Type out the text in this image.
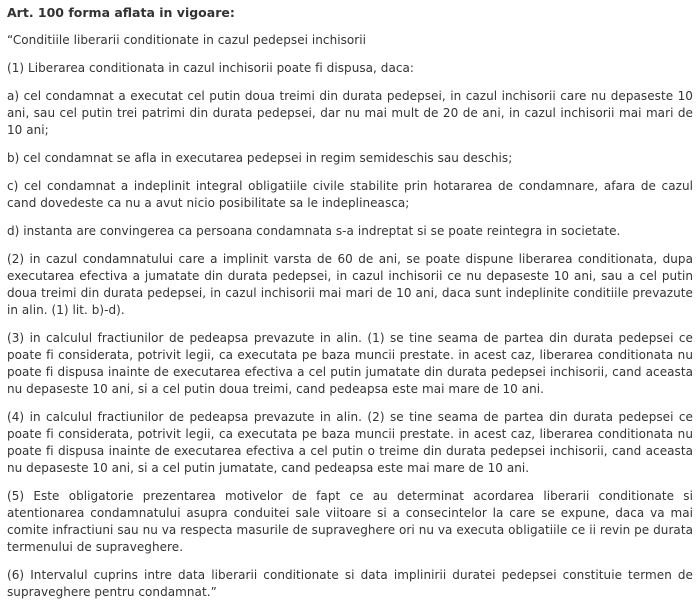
Art. 100 forma aflata in vigoare:

“Conditiile liberarii conditionate in cazul pedepsei inchisorii

(1) Liberarea conditionata in cazul inchisorii poate fi dispusa, daca:

a) cel condamnat a executat cel putin doua treimi din durata pedepsei, in cazul inchisorii care nu depaseste 10 ani, sau cel putin trei patrimi din durata pedepsei, dar nu mai mult de 20 de ani, in cazul inchisorii mai mari de 10 ani;

b) cel condamnat se afla in executarea pedepsei in regim semideschis sau deschis;

c) cel condamnat a indeplinit integral obligatiile civile stabilite prin hotararea de condamnare, afara de cazul cand dovedeste ca nu a avut nicio posibilitate sa le indeplineasca;

d) instanta are convingerea ca persoana condamnata s-a indreptat si se poate reintegra in societate.

(2) in cazul condamnatului care a implinit varsta de 60 de ani, se poate dispune liberarea conditionata, dupa executarea efectiva a jumatate din durata pedepsei, in cazul inchisorii ce nu depaseste 10 ani, sau a cel putin doua treimi din durata pedepsei, in cazul inchisorii mai mari de 10 ani, daca sunt indeplinite conditiile prevazute in alin. (1) lit. b)-d).

(3) in calculul fractiunilor de pedeapsa prevazute in alin. (1) se tine seama de partea din durata pedepsei ce poate fi considerata, potrivit legii, ca executata pe baza muncii prestate. in acest caz, liberarea conditionata nu poate fi dispusa inainte de executarea efectiva a cel putin jumatate din durata pedepsei inchisorii, cand aceasta nu depaseste 10 ani, si a cel putin doua treimi, cand pedeapsa este mai mare de 10 ani.

(4) in calculul fractiunilor de pedeapsa prevazute in alin. (2) se tine seama de partea din durata pedepsei ce poate fi considerata, potrivit legii, ca executata pe baza muncii prestate. in acest caz, liberarea conditionata nu poate fi dispusa inainte de executarea efectiva a cel putin o treime din durata pedepsei inchisorii, cand aceasta nu depaseste 10 ani, si a cel putin jumatate, cand pedeapsa este mai mare de 10 ani.

(5) Este obligatorie prezentarea motivelor de fapt ce au determinat acordarea liberarii conditionate si atentionarea condamnatului asupra conduitei sale viitoare si a consecintelor la care se expune, daca va mai comite infractiuni sau nu va respecta masurile de supraveghere ori nu va executa obligatiile ce ii revin pe durata termenului de supraveghere.

(6) Intervalul cuprins intre data liberarii conditionate si data implinirii duratei pedepsei constituie termen de supraveghere pentru condamnat.”
